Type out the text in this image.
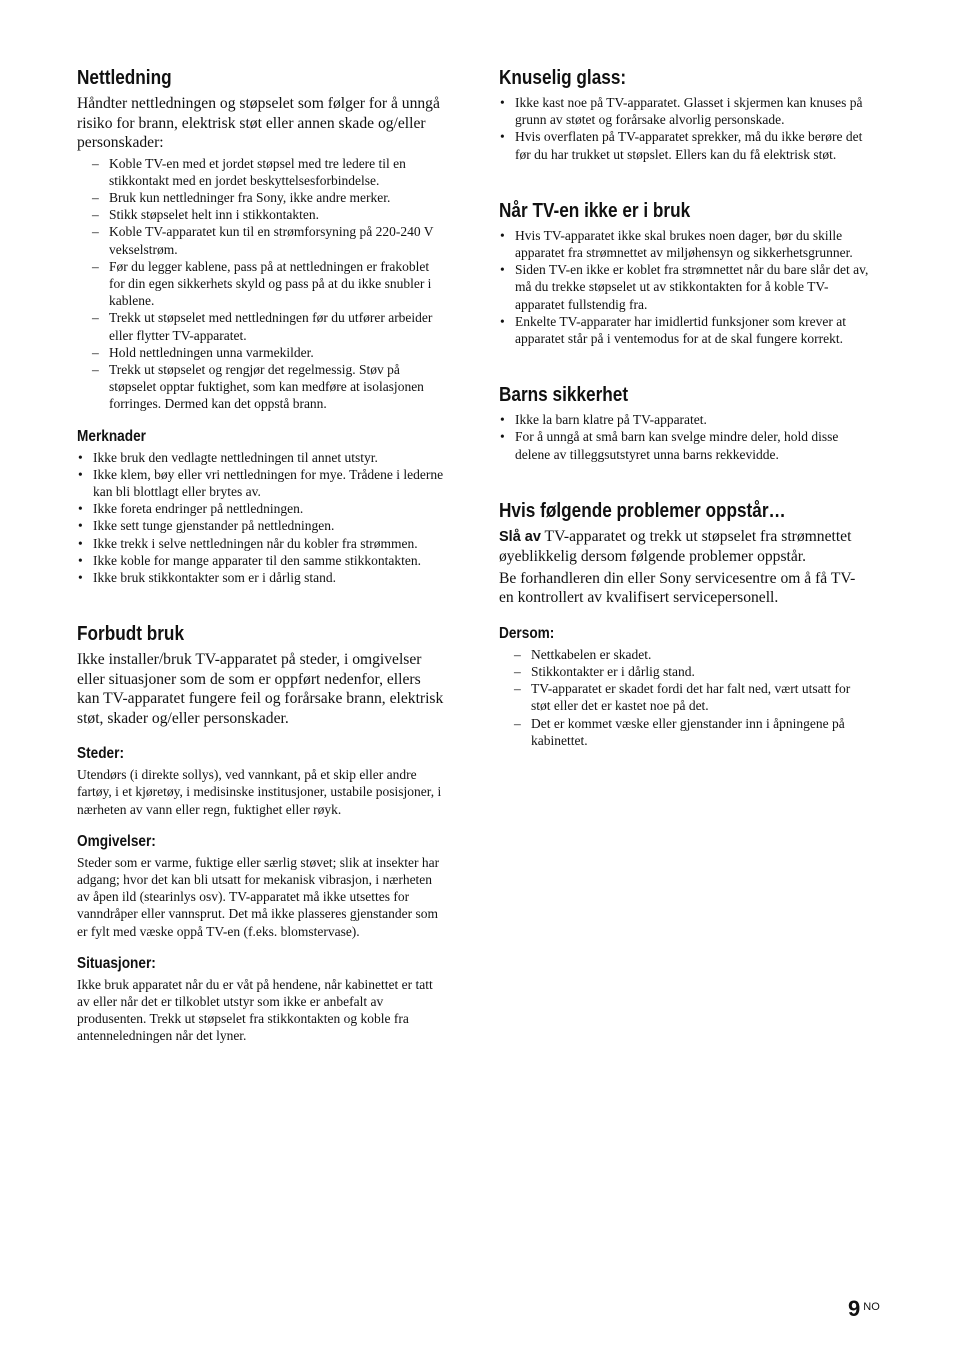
Nettledning

Håndter nettledningen og støpselet som følger for å unngå risiko for brann, elektrisk støt eller annen skade og/eller personskader:

– Koble TV-en med et jordet støpsel med tre ledere til en stikkontakt med en jordet beskyttelsesforbindelse.
– Bruk kun nettledninger fra Sony, ikke andre merker.
– Stikk støpselet helt inn i stikkontakten.
– Koble TV-apparatet kun til en strømforsyning på 220-240 V vekselstrøm.
– Før du legger kablene, pass på at nettledningen er frakoblet for din egen sikkerhets skyld og pass på at du ikke snubler i kablene.
– Trekk ut støpselet med nettledningen før du utfører arbeider eller flytter TV-apparatet.
– Hold nettledningen unna varmekilder.
– Trekk ut støpselet og rengjør det regelmessig. Støv på støpselet opptar fuktighet, som kan medføre at isolasjonen forringes. Dermed kan det oppstå brann.
Merknader
• Ikke bruk den vedlagte nettledningen til annet utstyr.
• Ikke klem, bøy eller vri nettledningen for mye. Trådene i lederne kan bli blottlagt eller brytes av.
• Ikke foreta endringer på nettledningen.
• Ikke sett tunge gjenstander på nettledningen.
• Ikke trekk i selve nettledningen når du kobler fra strømmen.
• Ikke koble for mange apparater til den samme stikkontakten.
• Ikke bruk stikkontakter som er i dårlig stand.
Forbudt bruk

Ikke installer/bruk TV-apparatet på steder, i omgivelser eller situasjoner som de som er oppført nedenfor, ellers kan TV-apparatet fungere feil og forårsake brann, elektrisk støt, skader og/eller personskader.

Steder:

Utendørs (i direkte sollys), ved vannkant, på et skip eller andre fartøy, i et kjøretøy, i medisinske institusjoner, ustabile posisjoner, i nærheten av vann eller regn, fuktighet eller røyk.

Omgivelser:

Steder som er varme, fuktige eller særlig støvet; slik at insekter har adgang; hvor det kan bli utsatt for mekanisk vibrasjon, i nærheten av åpen ild (stearinlys osv). TV-apparatet må ikke utsettes for vanndråper eller vannsprut. Det må ikke plasseres gjenstander som er fylt med væske oppå TV-en (f.eks. blomstervase).

Situasjoner:

Ikke bruk apparatet når du er våt på hendene, når kabinettet er tatt av eller når det er tilkoblet utstyr som ikke er anbefalt av produsenten. Trekk ut støpselet fra stikkontakten og koble fra antenneledningen når det lyner.

Knuselig glass:
• Ikke kast noe på TV-apparatet. Glasset i skjermen kan knuses på grunn av støtet og forårsake alvorlig personskade.
• Hvis overflaten på TV-apparatet sprekker, må du ikke berøre det før du har trukket ut støpslet. Ellers kan du få elektrisk støt.
Når TV-en ikke er i bruk
• Hvis TV-apparatet ikke skal brukes noen dager, bør du skille apparatet fra strømnettet av miljøhensyn og sikkerhetsgrunner.
• Siden TV-en ikke er koblet fra strømnettet når du bare slår det av, må du trekke støpselet ut av stikkontakten for å koble TV-apparatet fullstendig fra.
• Enkelte TV-apparater har imidlertid funksjoner som krever at apparatet står på i ventemodus for at de skal fungere korrekt.
Barns sikkerhet
• Ikke la barn klatre på TV-apparatet.
• For å unngå at små barn kan svelge mindre deler, hold disse delene av tilleggsutstyret unna barns rekkevidde.
Hvis følgende problemer oppstår…

Slå av TV-apparatet og trekk ut støpselet fra strømnettet øyeblikkelig dersom følgende problemer oppstår.

Be forhandleren din eller Sony servicesentre om å få TV-en kontrollert av kvalifisert servicepersonell.

Dersom:
– Nettkabelen er skadet.
– Stikkontakter er i dårlig stand.
– TV-apparatet er skadet fordi det har falt ned, vært utsatt for støt eller det er kastet noe på det.
– Det er kommet væske eller gjenstander inn i åpningene på kabinettet.
9 $^{NO}$
